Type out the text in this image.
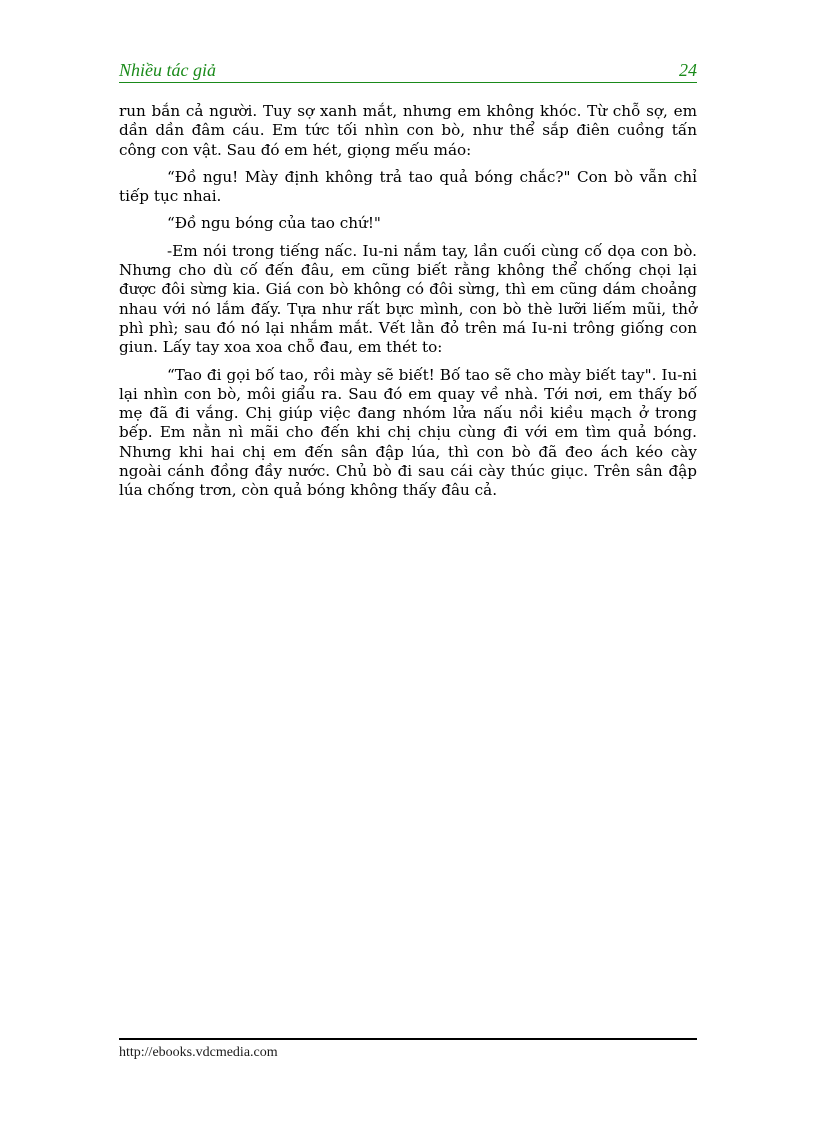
Nhiều tác giả	24

run bắn cả người. Tuy sợ xanh mắt, nhưng em không khóc. Từ chỗ sợ, em dần dần đâm cáu. Em tức tối nhìn con bò, như thể sắp điên cuồng tấn công con vật. Sau đó em hét, giọng mếu máo:

“Đồ ngu! Mày định không trả tao quả bóng chắc?" Con bò vẫn chỉ tiếp tục nhai.

“Đồ ngu bóng của tao chứ!"

-Em nói trong tiếng nấc. Iu-ni nắm tay, lần cuối cùng cố dọa con bò. Nhưng cho dù cố đến đâu, em cũng biết rằng không thể chống chọi lại được đôi sừng kia. Giá con bò không có đôi sừng, thì em cũng dám choảng nhau với nó lắm đấy. Tựa như rất bực mình, con bò thè lưỡi liếm mũi, thở phì phì; sau đó nó lại nhắm mắt. Vết lằn đỏ trên má Iu-ni trông giống con giun. Lấy tay xoa xoa chỗ đau, em thét to:

“Tao đi gọi bố tao, rồi mày sẽ biết! Bố tao sẽ cho mày biết tay". Iu-ni lại nhìn con bò, môi giẩu ra. Sau đó em quay về nhà. Tới nơi, em thấy bố mẹ đã đi vắng. Chị giúp việc đang nhóm lửa nấu nồi kiều mạch ở trong bếp. Em nằn nì mãi cho đến khi chị chịu cùng đi với em tìm quả bóng. Nhưng khi hai chị em đến sân đập lúa, thì con bò đã đeo ách kéo cày ngoài cánh đồng đầy nước. Chủ bò đi sau cái cày thúc giục. Trên sân đập lúa chống trơn, còn quả bóng không thấy đâu cả.

http://ebooks.vdcmedia.com
